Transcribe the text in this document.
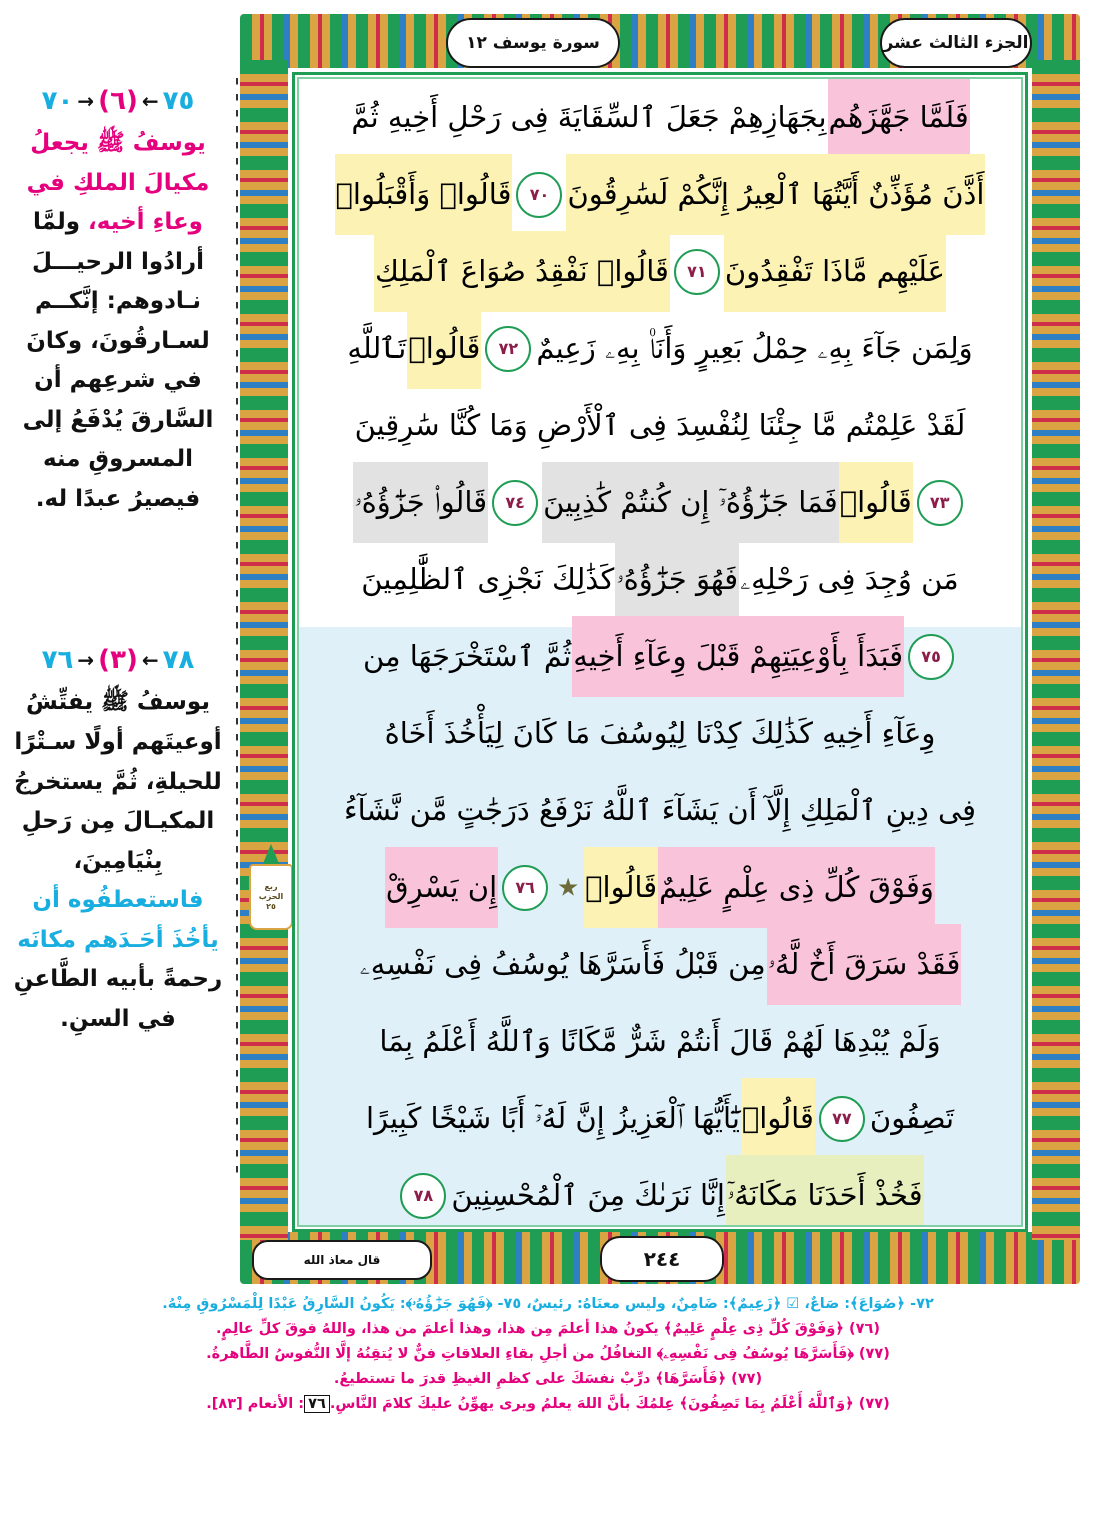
سورة يوسف ١٢	الجزء الثالث عشر
ربع
الحزب
٢٥
فَلَمَّا جَهَّزَهُم
بِجَهَازِهِمْ جَعَلَ ٱلسِّقَايَةَ فِى رَحْلِ أَخِيهِ ثُمَّ
أَذَّنَ مُؤَذِّنٌ أَيَّتُهَا ٱلْعِيرُ إِنَّكُمْ لَسَٰرِقُونَ
٧٠
قَالُوا۟ وَأَقْبَلُوا۟
عَلَيْهِم مَّاذَا تَفْقِدُونَ
٧١
قَالُوا۟ نَفْقِدُ صُوَاعَ ٱلْمَلِكِ
وَلِمَن جَآءَ بِهِۦ حِمْلُ بَعِيرٍ وَأَنَا۠ بِهِۦ زَعِيمٌ
٧٢
قَالُوا۟
تَٱللَّهِ
لَقَدْ عَلِمْتُم مَّا جِئْنَا لِنُفْسِدَ فِى ٱلْأَرْضِ وَمَا كُنَّا سَٰرِقِينَ
٧٣
قَالُوا۟
فَمَا جَزَٰٓؤُهُۥٓ إِن كُنتُمْ كَٰذِبِينَ
٧٤
قَالُوا۟ جَزَٰٓؤُهُۥ
مَن وُجِدَ فِى رَحْلِهِۦ
فَهُوَ جَزَٰٓؤُهُۥ
كَذَٰلِكَ نَجْزِى ٱلظَّٰلِمِينَ
٧٥
فَبَدَأَ بِأَوْعِيَتِهِمْ قَبْلَ وِعَآءِ أَخِيهِ
ثُمَّ ٱسْتَخْرَجَهَا مِن
وِعَآءِ أَخِيهِ كَذَٰلِكَ كِدْنَا لِيُوسُفَ مَا كَانَ لِيَأْخُذَ أَخَاهُ
فِى دِينِ ٱلْمَلِكِ إِلَّآ أَن يَشَآءَ ٱللَّهُ نَرْفَعُ دَرَجَٰتٍ مَّن نَّشَآءُ
وَفَوْقَ كُلِّ ذِى عِلْمٍ عَلِيمٌ
قَالُوا۟
٧٦
إِن يَسْرِقْ
فَقَدْ سَرَقَ أَخٌ لَّهُۥ
مِن قَبْلُ فَأَسَرَّهَا يُوسُفُ فِى نَفْسِهِۦ
وَلَمْ يُبْدِهَا لَهُمْ قَالَ أَنتُمْ شَرٌّ مَّكَانًا وَٱللَّهُ أَعْلَمُ بِمَا
تَصِفُونَ
٧٧
قَالُوا۟
يَٰٓأَيُّهَا ٱلْعَزِيزُ إِنَّ لَهُۥٓ أَبًا شَيْخًا كَبِيرًا
فَخُذْ أَحَدَنَا مَكَانَهُۥٓ
إِنَّا نَرَىٰكَ مِنَ ٱلْمُحْسِنِينَ
٧٨
قال معاذ الله	٢٤٤
٧٥
←
(٦)
→
٧٠
يوسفُ ﷺ يجعلُ مكيالَ الملكِ في وعاءِ أخيه، ولمَّا أرادُوا الرحيـــلَ نـادوهم: إنَّكــم لسـارقُونَ، وكانَ في شرعِهم أن السَّارقَ يُدْفَعُ إلى المسروقِ منه فيصيرُ عبدًا له.
٧٨
←
(٣)
→
٧٦
يوسفُ ﷺ يفتِّشُ أوعيتَهم أولًا سـتْرًا للحيلةِ، ثُمَّ يستخرجُ المكيـالَ مِن رَحلِ بِنْيَامِينَ، فاستعطفُوه أن يأخُذَ أحَـدَهم مكانَه رحمةً بأبيه الطَّاعنِ في السنِ.
٧٢- ﴿صُوَاعَ﴾: صَاعٌ، ☑ ﴿زَعِيمٌ﴾: ضَامِنٌ، وليس معنَاهُ: رئيسٌ، ٧٥- ﴿فَهُوَ جَزَٰٓؤُهُۥ﴾: يَكُونُ السَّارِقُ عَبْدًا لِلْمَسْرُوقِ مِنْهُ.
(٧٦) ﴿وَفَوْقَ كُلِّ ذِى عِلْمٍ عَلِيمٌ﴾ يكونُ هذا أعلمَ مِن هذا، وهذا أعلمَ من هذا، واللهُ فوقَ كلِّ عالِمٍ.
(٧٧) ﴿فَأَسَرَّهَا يُوسُفُ فِى نَفْسِهِۦ﴾ التغافُلُ من أجلِ بقاءِ العلاقاتِ فنٌّ لا يُتقِنُهُ إلَّا النُّفوسُ الطَّاهرةُ.
(٧٧) ﴿فَأَسَرَّهَا﴾ درِّبْ نفسَكَ على كظمِ الغيظِ قدرَ ما تستطيعُ.
(٧٧) ﴿وَٱللَّهُ أَعْلَمُ بِمَا تَصِفُونَ﴾ عِلمُكَ بأنَّ اللهَ يعلمُ ويرى يهوِّنُ عليكَ كلامَ النَّاسِ.٧٦: الأنعام [٨٣].
